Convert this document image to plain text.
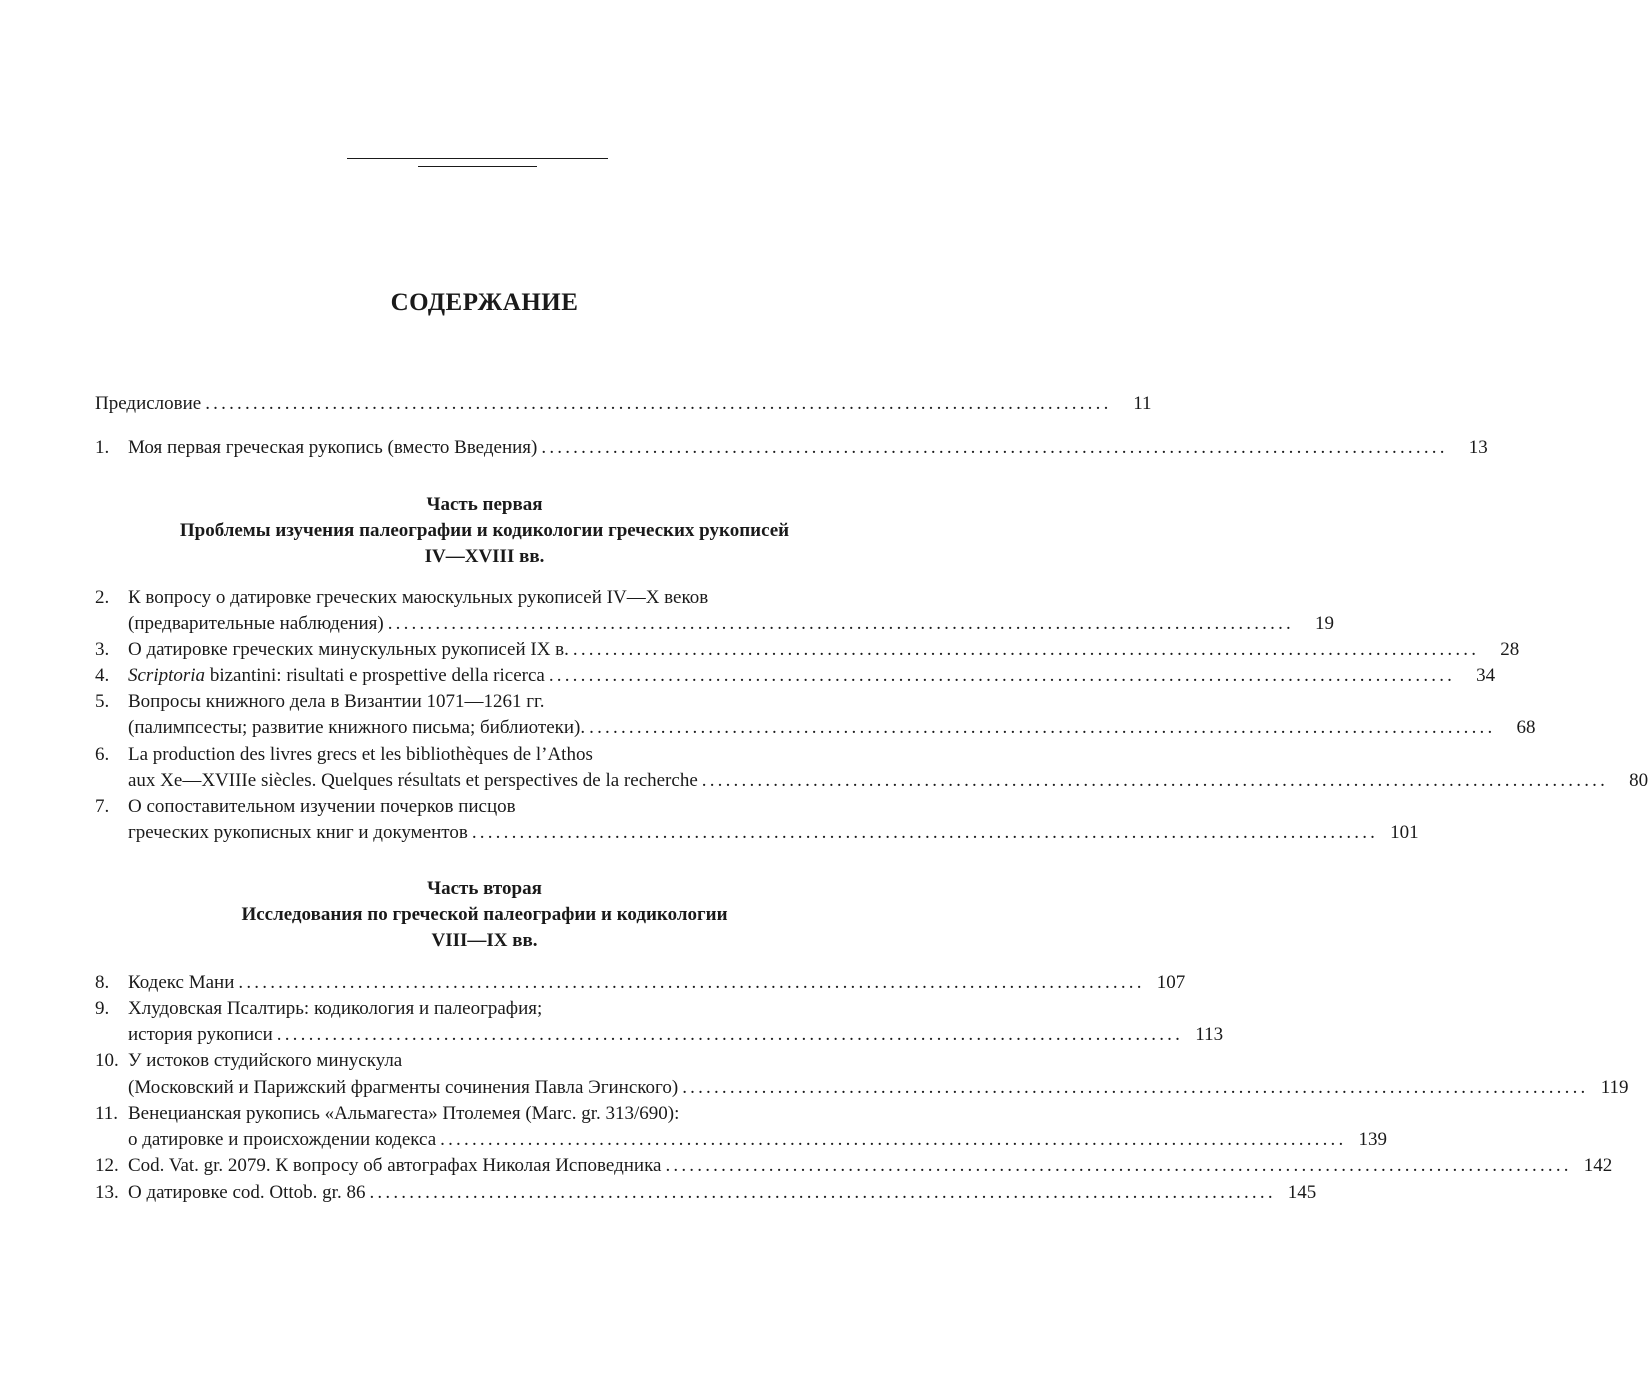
СОДЕРЖАНИЕ
Предисловие ..................................................................................................................	11
1. Моя первая греческая рукопись (вместо Введения) ..................................................................................................................	13
Часть первая
Проблемы изучения палеографии и кодикологии греческих рукописей
IV—XVIII вв.
2. К вопросу о датировке греческих маюскульных рукописей IV—X веков
(предварительные наблюдения) ..................................................................................................................	19
3. О датировке греческих минускульных рукописей IX в. ..................................................................................................................	28
4. Scriptoria bizantini: risultati e prospettive della ricerca ..................................................................................................................	34
5. Вопросы книжного дела в Византии 1071—1261 гг.
(палимпсесты; развитие книжного письма; библиотеки). ..................................................................................................................	68
6. La production des livres grecs et les bibliothèques de l’Athos
aux Xe—XVIIIe siècles. Quelques résultats et perspectives de la recherche ..................................................................................................................	80
7. О сопоставительном изучении почерков писцов
греческих рукописных книг и документов .................................................................................................................. 101
Часть вторая
Исследования по греческой палеографии и кодикологии
VIII—IX вв.
8. Кодекс Мани .................................................................................................................. 107
9. Хлудовская Псалтирь: кодикология и палеография;
история рукописи .................................................................................................................. 113
10. У истоков студийского минускула
(Московский и Парижский фрагменты сочинения Павла Эгинского) .................................................................................................................. 119
11. Венецианская рукопись «Альмагеста» Птолемея (Marc. gr. 313/690):
о датировке и происхождении кодекса .................................................................................................................. 139
12. Cod. Vat. gr. 2079. К вопросу об автографах Николая Исповедника .................................................................................................................. 142
13. О датировке cod. Ottob. gr. 86 .................................................................................................................. 145
